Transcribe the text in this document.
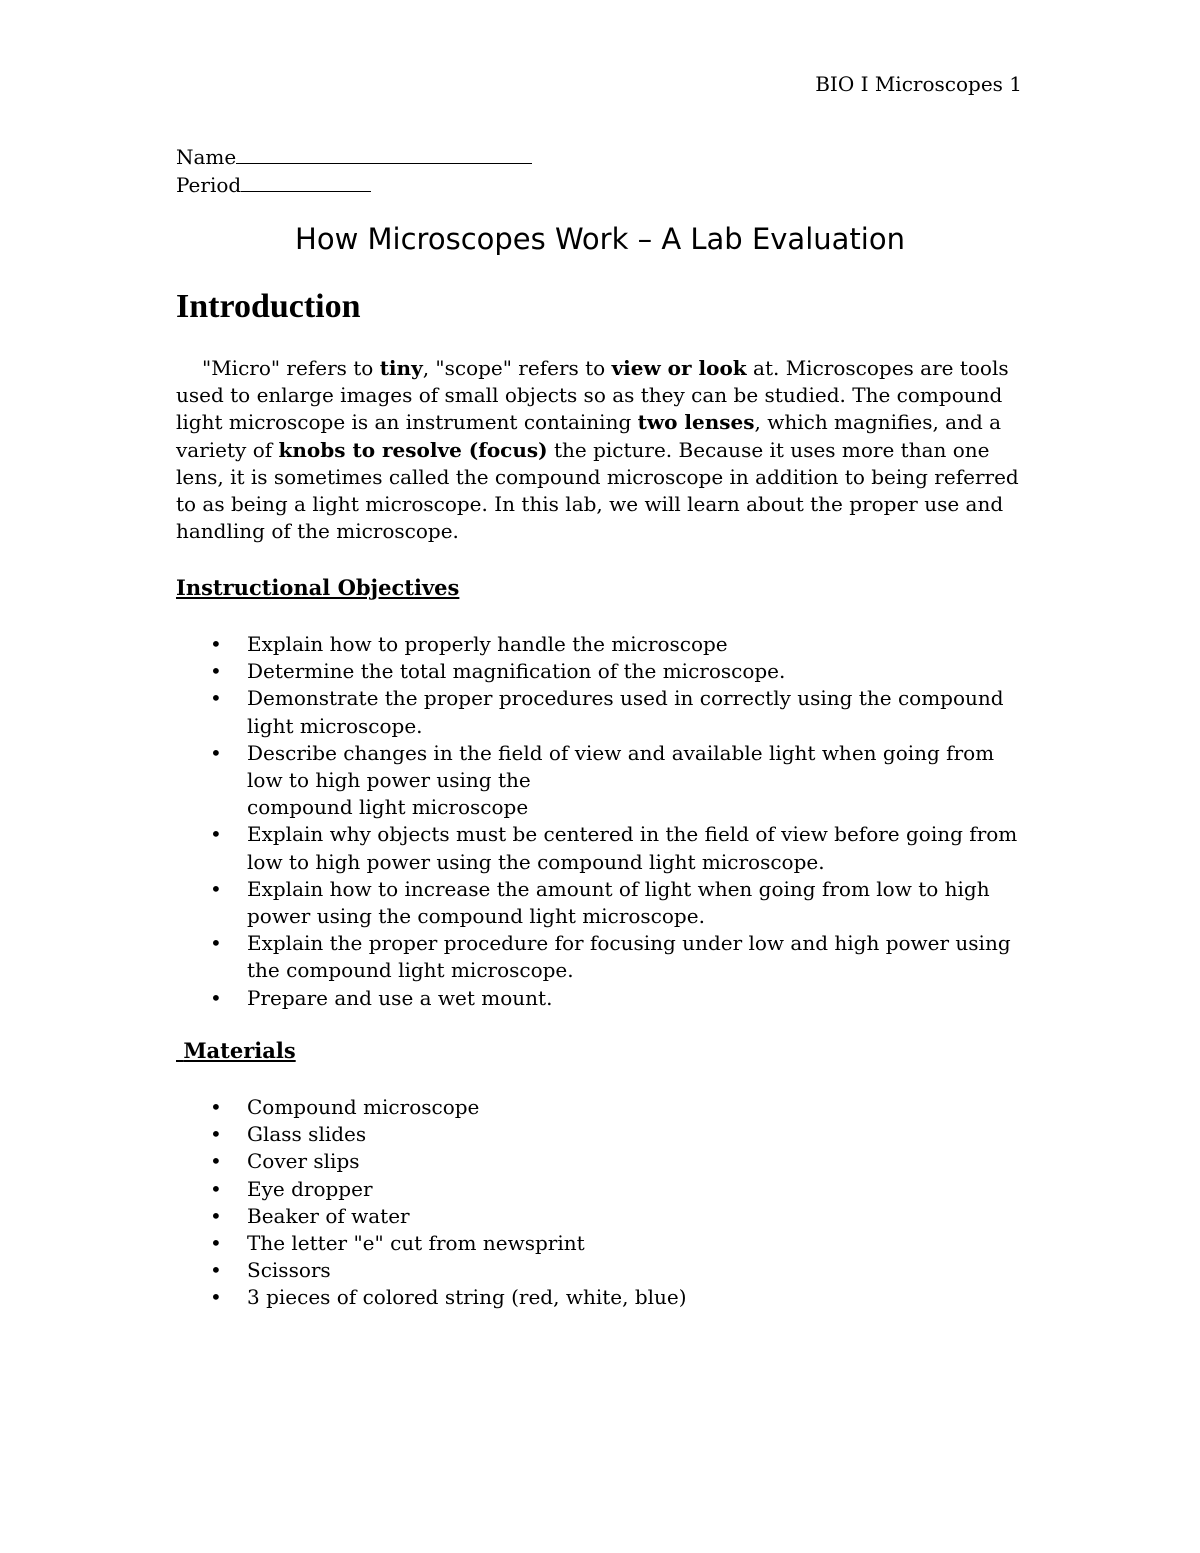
BIO I Microscopes 1
Name
Period
How Microscopes Work – A Lab Evaluation
Introduction
"Micro" refers to tiny, "scope" refers to view or look at. Microscopes are tools used to enlarge images of small objects so as they can be studied. The compound light microscope is an instrument containing two lenses, which magnifies, and a variety of knobs to resolve (focus) the picture. Because it uses more than one lens, it is sometimes called the compound microscope in addition to being referred to as being a light microscope. In this lab, we will learn about the proper use and handling of the microscope.
Instructional Objectives
• Explain how to properly handle the microscope
• Determine the total magnification of the microscope.
• Demonstrate the proper procedures used in correctly using the compound light microscope.
• Describe changes in the field of view and available light when going from low to high power using the
compound light microscope
• Explain why objects must be centered in the field of view before going from low to high power using the compound light microscope.
• Explain how to increase the amount of light when going from low to high power using the compound light microscope.
• Explain the proper procedure for focusing under low and high power using the compound light microscope.
• Prepare and use a wet mount.
Materials
• Compound microscope
• Glass slides
• Cover slips
• Eye dropper
• Beaker of water
• The letter "e" cut from newsprint
• Scissors
• 3 pieces of colored string (red, white, blue)
